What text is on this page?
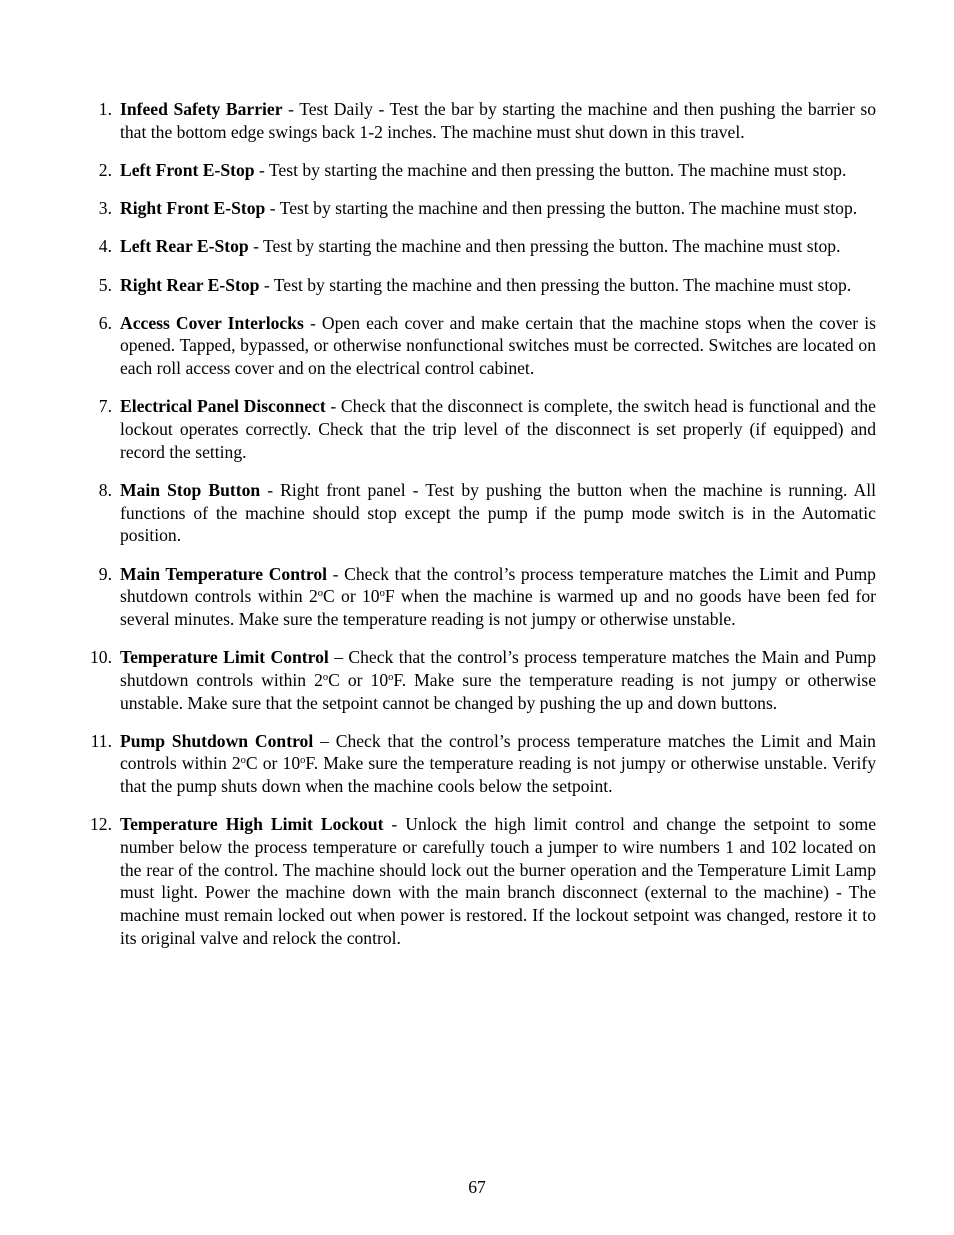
1. Infeed Safety Barrier - Test Daily - Test the bar by starting the machine and then pushing the barrier so that the bottom edge swings back 1-2 inches. The machine must shut down in this travel.
2. Left Front E-Stop - Test by starting the machine and then pressing the button. The machine must stop.
3. Right Front E-Stop - Test by starting the machine and then pressing the button. The machine must stop.
4. Left Rear E-Stop - Test by starting the machine and then pressing the button. The machine must stop.
5. Right Rear E-Stop - Test by starting the machine and then pressing the button. The machine must stop.
6. Access Cover Interlocks - Open each cover and make certain that the machine stops when the cover is opened. Tapped, bypassed, or otherwise nonfunctional switches must be corrected. Switches are located on each roll access cover and on the electrical control cabinet.
7. Electrical Panel Disconnect - Check that the disconnect is complete, the switch head is functional and the lockout operates correctly. Check that the trip level of the disconnect is set properly (if equipped) and record the setting.
8. Main Stop Button - Right front panel - Test by pushing the button when the machine is running. All functions of the machine should stop except the pump if the pump mode switch is in the Automatic position.
9. Main Temperature Control - Check that the control’s process temperature matches the Limit and Pump shutdown controls within 2$^o$C or 10$^o$F when the machine is warmed up and no goods have been fed for several minutes. Make sure the temperature reading is not jumpy or otherwise unstable.
10. Temperature Limit Control – Check that the control’s process temperature matches the Main and Pump shutdown controls within 2$^o$C or 10$^o$F. Make sure the temperature reading is not jumpy or otherwise unstable. Make sure that the setpoint cannot be changed by pushing the up and down buttons.
11. Pump Shutdown Control – Check that the control’s process temperature matches the Limit and Main controls within 2$^o$C or 10$^o$F. Make sure the temperature reading is not jumpy or otherwise unstable. Verify that the pump shuts down when the machine cools below the setpoint.
12. Temperature High Limit Lockout - Unlock the high limit control and change the setpoint to some number below the process temperature or carefully touch a jumper to wire numbers 1 and 102 located on the rear of the control. The machine should lock out the burner operation and the Temperature Limit Lamp must light. Power the machine down with the main branch disconnect (external to the machine) - The machine must remain locked out when power is restored. If the lockout setpoint was changed, restore it to its original valve and relock the control.
67
